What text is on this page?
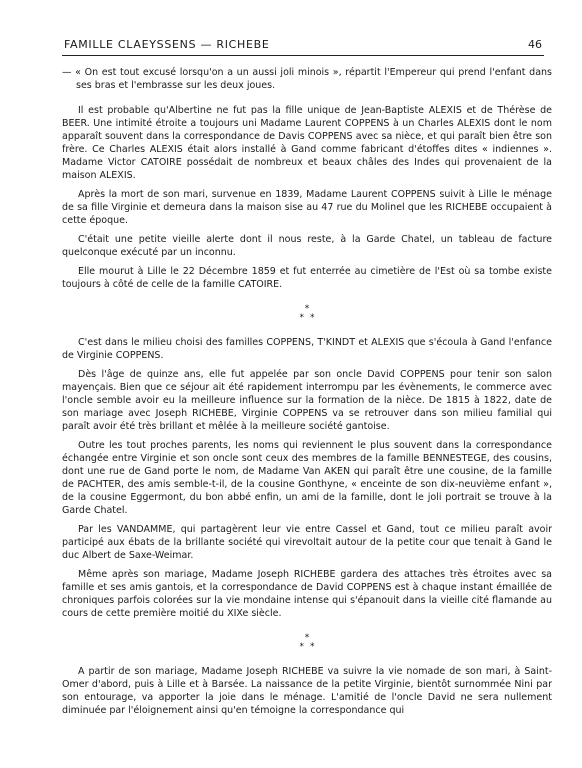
FAMILLE CLAEYSSENS — RICHEBE	46

— « On est tout excusé lorsqu'on a un aussi joli minois », répartit l'Empereur qui prend l'enfant dans ses bras et l'embrasse sur les deux joues.

Il est probable qu'Albertine ne fut pas la fille unique de Jean-Baptiste ALEXIS et de Thérèse de BEER. Une intimité étroite a toujours uni Madame Laurent COPPENS à un Charles ALEXIS dont le nom apparaît souvent dans la correspondance de Davis COPPENS avec sa nièce, et qui paraît bien être son frère. Ce Charles ALEXIS était alors installé à Gand comme fabricant d'étoffes dites « indiennes ». Madame Victor CATOIRE possédait de nombreux et beaux châles des Indes qui provenaient de la maison ALEXIS.

Après la mort de son mari, survenue en 1839, Madame Laurent COPPENS suivit à Lille le ménage de sa fille Virginie et demeura dans la maison sise au 47 rue du Molinel que les RICHEBE occupaient à cette époque.

C'était une petite vieille alerte dont il nous reste, à la Garde Chatel, un tableau de facture quelconque exécuté par un inconnu.

Elle mourut à Lille le 22 Décembre 1859 et fut enterrée au cimetière de l'Est où sa tombe existe toujours à côté de celle de la famille CATOIRE.

*
* *

C'est dans le milieu choisi des familles COPPENS, T'KINDT et ALEXIS que s'écoula à Gand l'enfance de Virginie COPPENS.

Dès l'âge de quinze ans, elle fut appelée par son oncle David COPPENS pour tenir son salon mayençais. Bien que ce séjour ait été rapidement interrompu par les évènements, le commerce avec l'oncle semble avoir eu la meilleure influence sur la formation de la nièce. De 1815 à 1822, date de son mariage avec Joseph RICHEBE, Virginie COPPENS va se retrouver dans son milieu familial qui paraît avoir été très brillant et mêlée à la meilleure société gantoise.

Outre les tout proches parents, les noms qui reviennent le plus souvent dans la correspondance échangée entre Virginie et son oncle sont ceux des membres de la famille BENNESTEGE, des cousins, dont une rue de Gand porte le nom, de Madame Van AKEN qui paraît être une cousine, de la famille de PACHTER, des amis semble-t-il, de la cousine Gonthyne, « enceinte de son dix-neuvième enfant », de la cousine Eggermont, du bon abbé enfin, un ami de la famille, dont le joli portrait se trouve à la Garde Chatel.

Par les VANDAMME, qui partagèrent leur vie entre Cassel et Gand, tout ce milieu paraît avoir participé aux ébats de la brillante société qui virevoltait autour de la petite cour que tenait à Gand le duc Albert de Saxe-Weimar.

Même après son mariage, Madame Joseph RICHEBE gardera des attaches très étroites avec sa famille et ses amis gantois, et la correspondance de David COPPENS est à chaque instant émaillée de chroniques parfois colorées sur la vie mondaine intense qui s'épanouit dans la vieille cité flamande au cours de cette première moitié du XIXe siècle.

*
* *

A partir de son mariage, Madame Joseph RICHEBE va suivre la vie nomade de son mari, à Saint-Omer d'abord, puis à Lille et à Barsée. La naissance de la petite Virginie, bientôt surnommée Nini par son entourage, va apporter la joie dans le ménage. L'amitié de l'oncle David ne sera nullement diminuée par l'éloignement ainsi qu'en témoigne la correspondance qui
